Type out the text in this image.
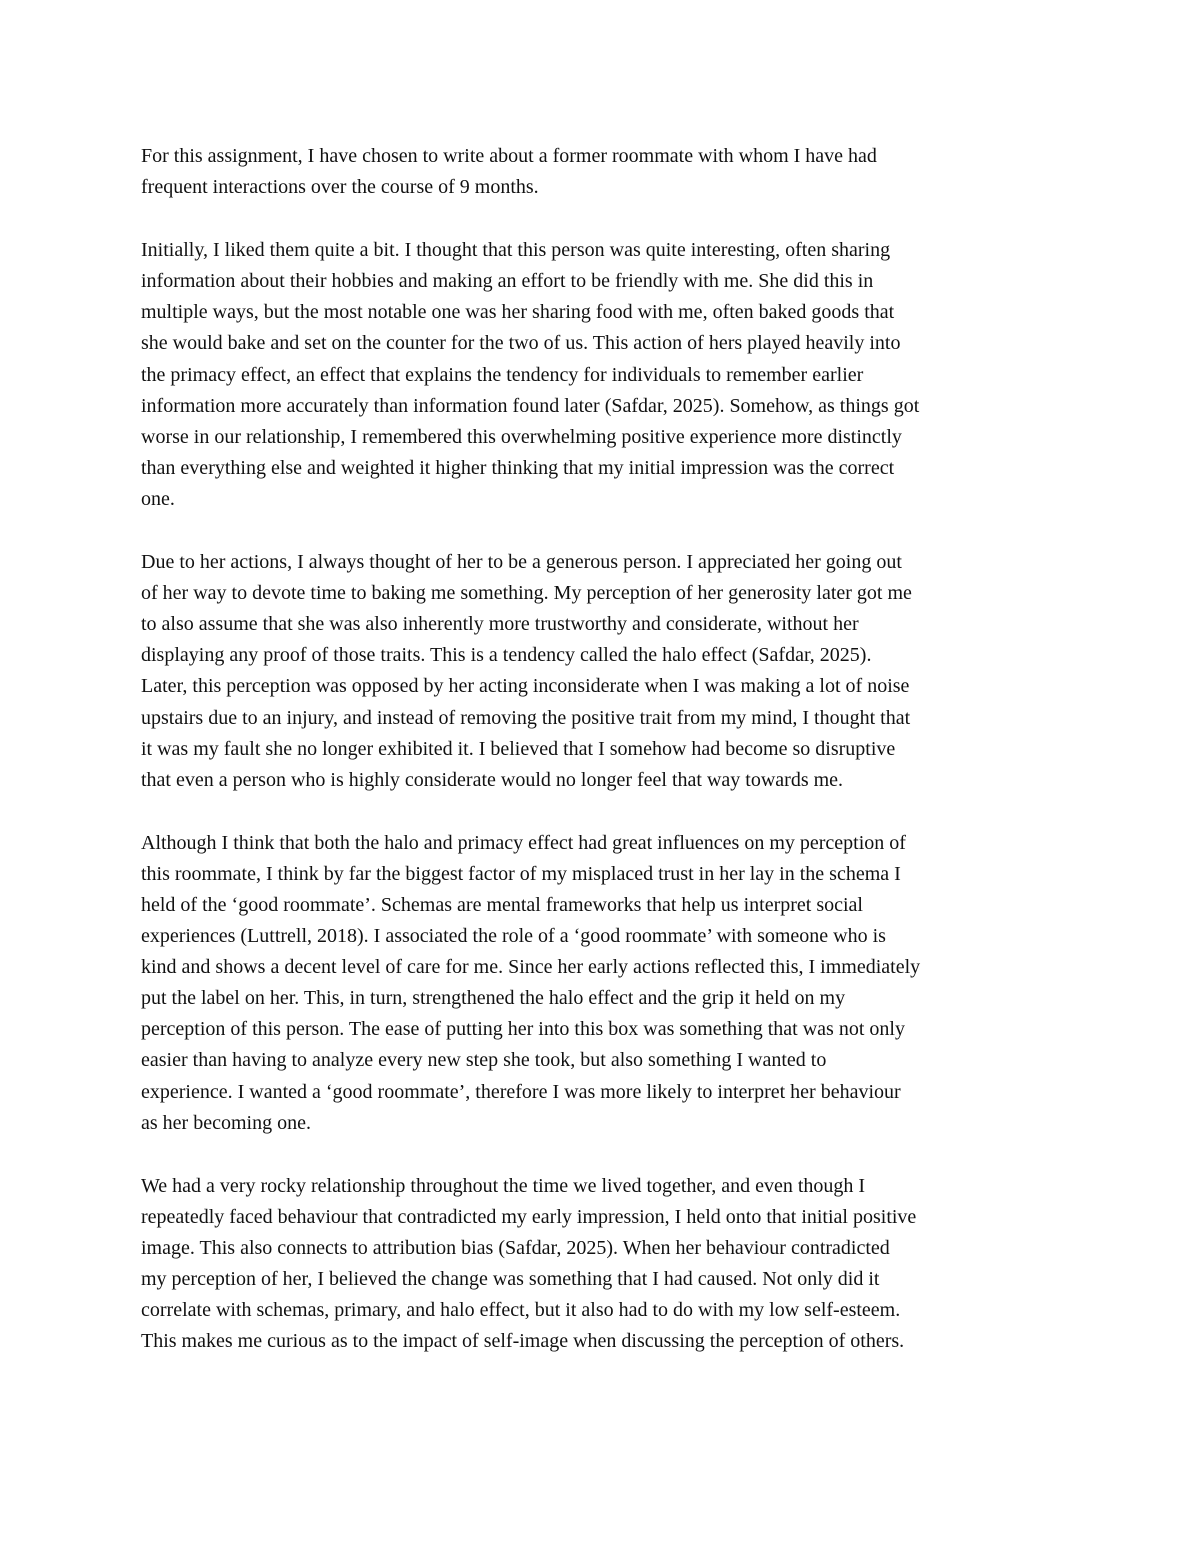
For this assignment, I have chosen to write about a former roommate with whom I have had
frequent interactions over the course of 9 months.

Initially, I liked them quite a bit. I thought that this person was quite interesting, often sharing
information about their hobbies and making an effort to be friendly with me. She did this in
multiple ways, but the most notable one was her sharing food with me, often baked goods that
she would bake and set on the counter for the two of us. This action of hers played heavily into
the primacy effect, an effect that explains the tendency for individuals to remember earlier
information more accurately than information found later (Safdar, 2025). Somehow, as things got
worse in our relationship, I remembered this overwhelming positive experience more distinctly
than everything else and weighted it higher thinking that my initial impression was the correct
one.

Due to her actions, I always thought of her to be a generous person. I appreciated her going out
of her way to devote time to baking me something. My perception of her generosity later got me
to also assume that she was also inherently more trustworthy and considerate, without her
displaying any proof of those traits. This is a tendency called the halo effect (Safdar, 2025).
Later, this perception was opposed by her acting inconsiderate when I was making a lot of noise
upstairs due to an injury, and instead of removing the positive trait from my mind, I thought that
it was my fault she no longer exhibited it. I believed that I somehow had become so disruptive
that even a person who is highly considerate would no longer feel that way towards me.

Although I think that both the halo and primacy effect had great influences on my perception of
this roommate, I think by far the biggest factor of my misplaced trust in her lay in the schema I
held of the ‘good roommate’. Schemas are mental frameworks that help us interpret social
experiences (Luttrell, 2018). I associated the role of a ‘good roommate’ with someone who is
kind and shows a decent level of care for me. Since her early actions reflected this, I immediately
put the label on her. This, in turn, strengthened the halo effect and the grip it held on my
perception of this person. The ease of putting her into this box was something that was not only
easier than having to analyze every new step she took, but also something I wanted to
experience. I wanted a ‘good roommate’, therefore I was more likely to interpret her behaviour
as her becoming one.

We had a very rocky relationship throughout the time we lived together, and even though I
repeatedly faced behaviour that contradicted my early impression, I held onto that initial positive
image. This also connects to attribution bias (Safdar, 2025). When her behaviour contradicted
my perception of her, I believed the change was something that I had caused. Not only did it
correlate with schemas, primary, and halo effect, but it also had to do with my low self-esteem.
This makes me curious as to the impact of self-image when discussing the perception of others.
